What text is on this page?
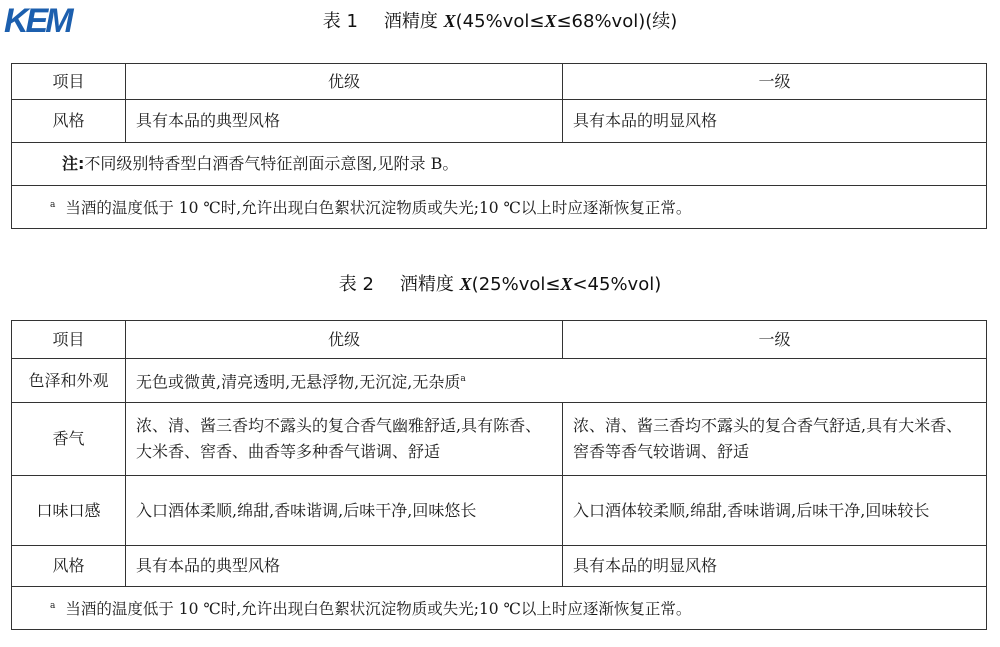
KEM	表 1 酒精度 X(45%vol≤X≤68%vol)(续)
项目	优级	一级
风格	具有本品的典型风格	具有本品的明显风格
注:不同级别特香型白酒香气特征剖面示意图,见附录 B。		
$^a$ 当酒的温度低于 10 ℃时,允许出现白色絮状沉淀物质或失光;10 ℃以上时应逐渐恢复正常。		
表 2 酒精度 X(25%vol≤X<45%vol)
项目	优级	一级
色泽和外观	无色或微黄,清亮透明,无悬浮物,无沉淀,无杂质$^a$
香气	浓、清、酱三香均不露头的复合香气幽雅舒适,具有陈香、大米香、窖香、曲香等多种香气谐调、舒适	浓、清、酱三香均不露头的复合香气舒适,具有大米香、窖香等香气较谐调、舒适
口味口感	入口酒体柔顺,绵甜,香味谐调,后味干净,回味悠长	入口酒体较柔顺,绵甜,香味谐调,后味干净,回味较长
风格	具有本品的典型风格	具有本品的明显风格
$^a$ 当酒的温度低于 10 ℃时,允许出现白色絮状沉淀物质或失光;10 ℃以上时应逐渐恢复正常。		
